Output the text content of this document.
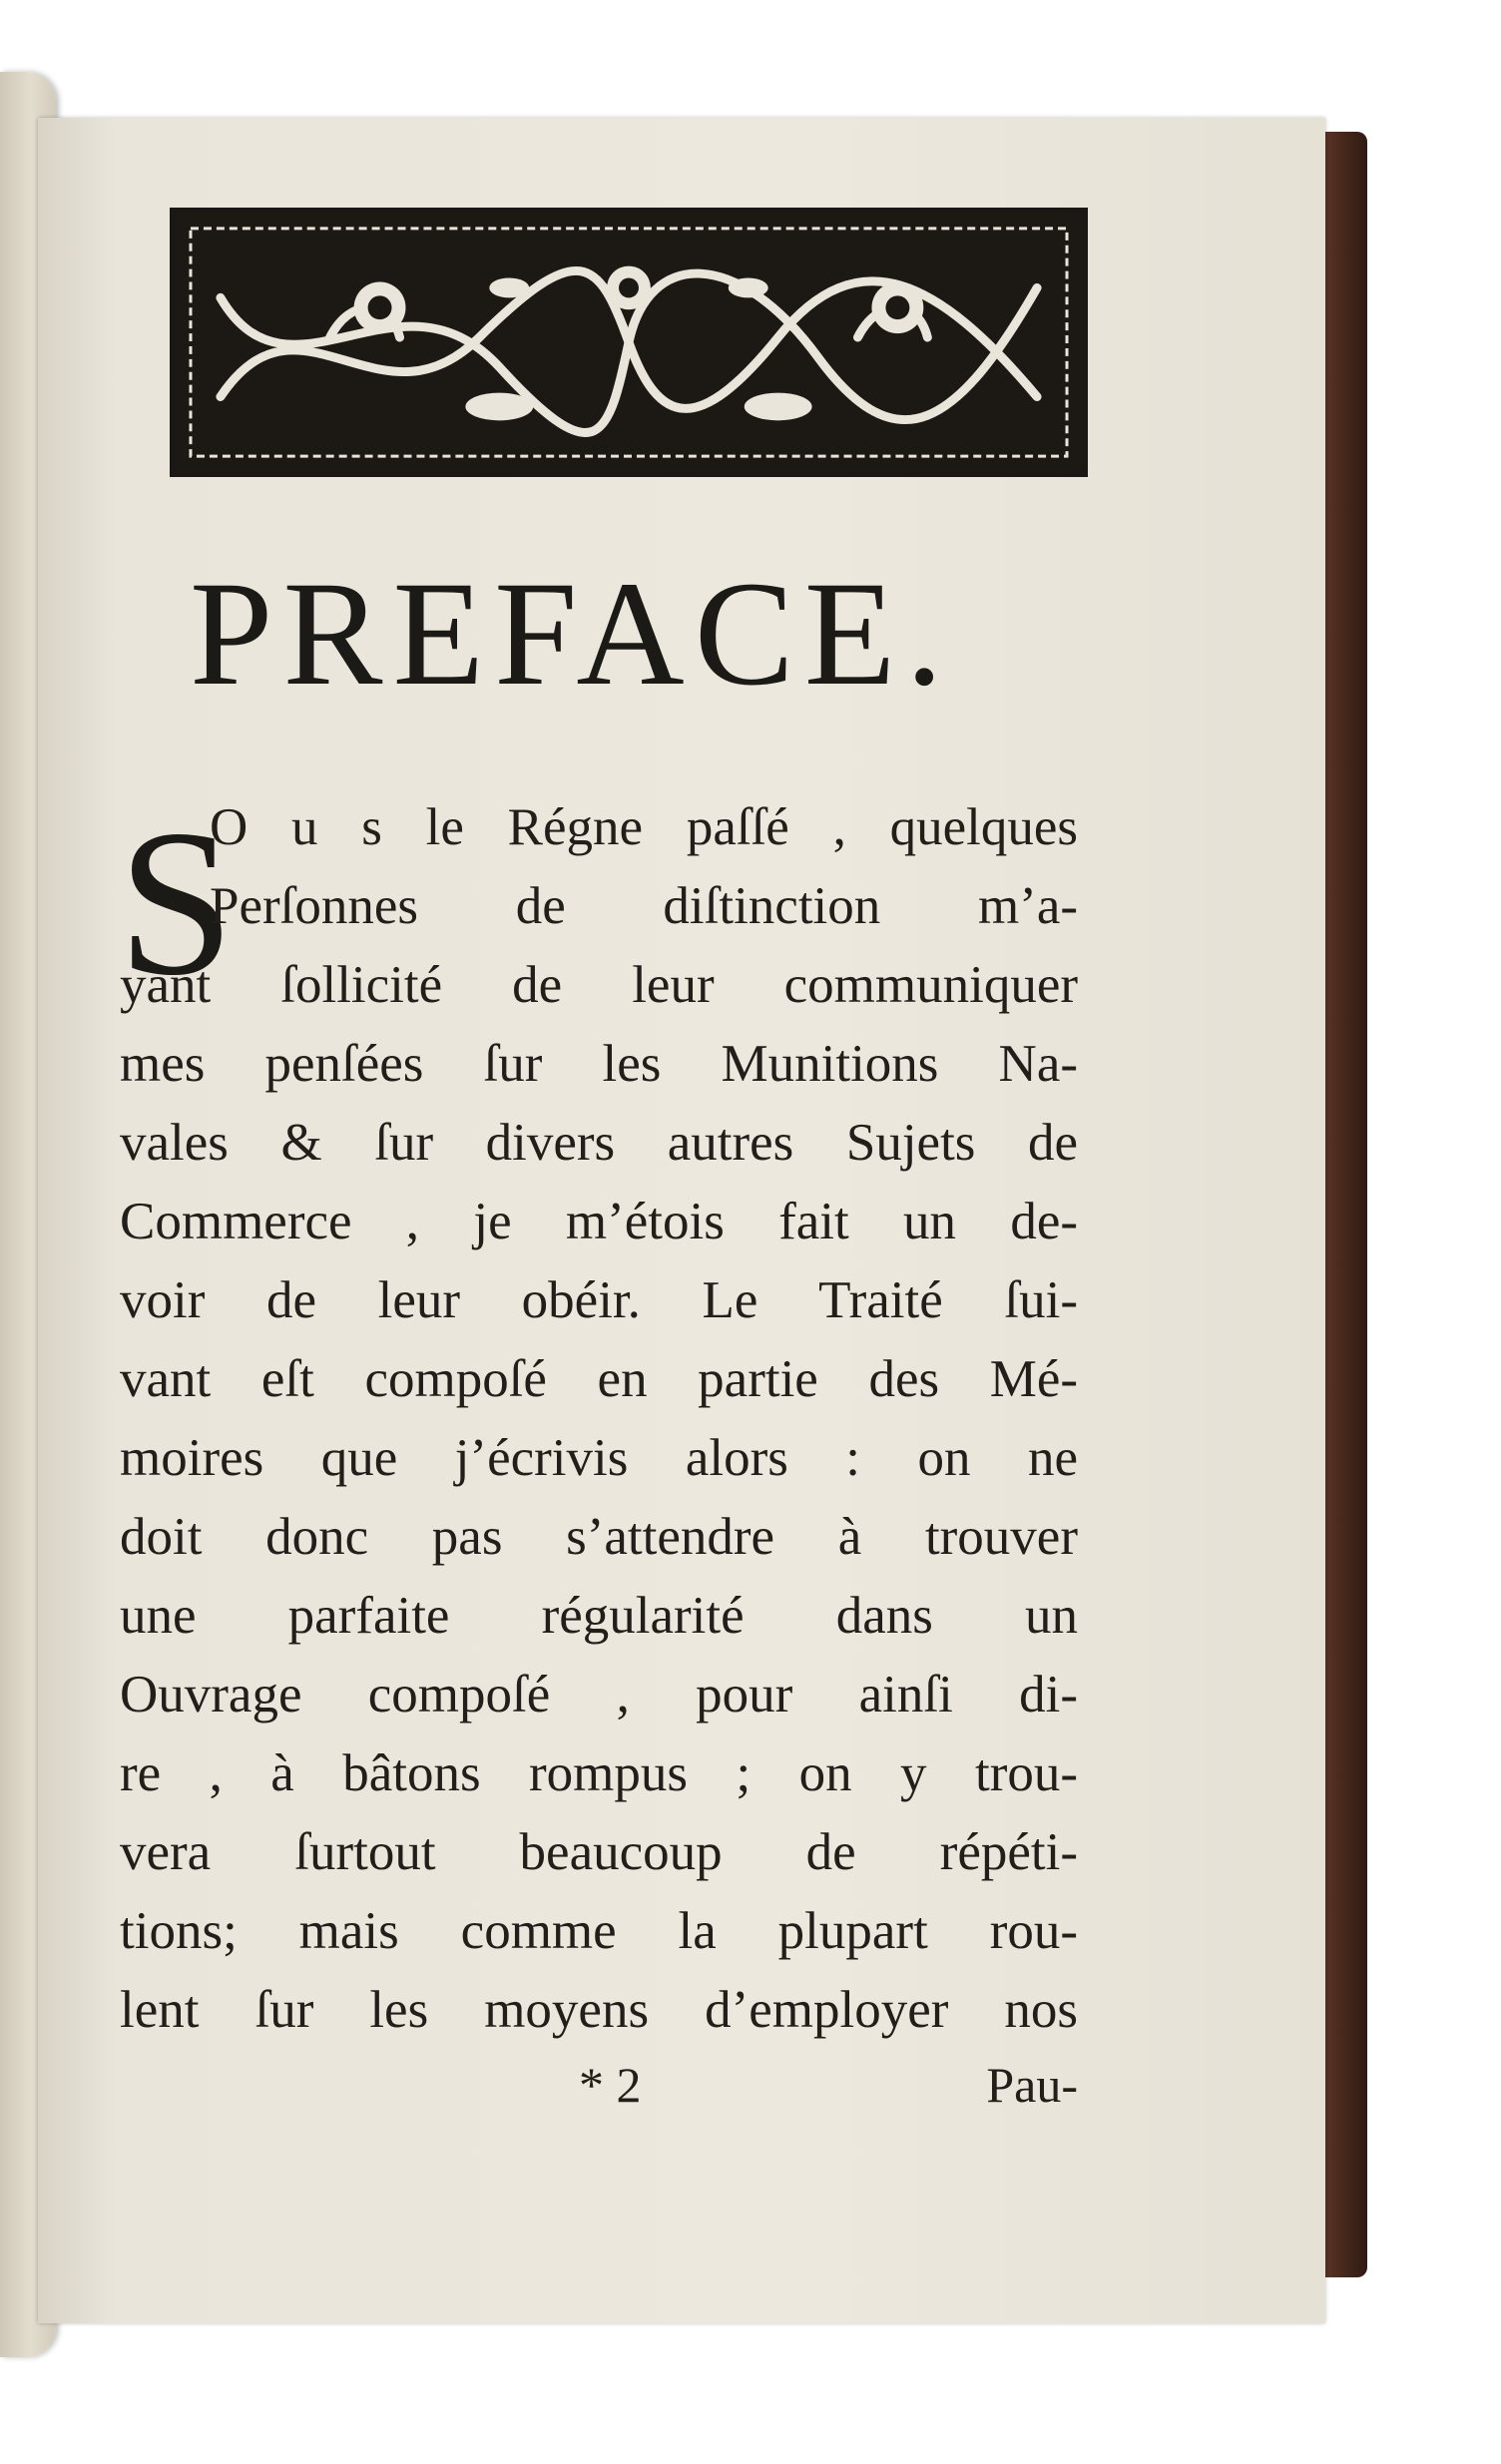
PREFACE.
S
O u s le Régne paſſé , quelques
Perſonnes de diſtinction m’a-
yant ſollicité de leur communiquer
mes penſées ſur les Munitions Na-
vales & ſur divers autres Sujets de
Commerce , je m’étois fait un de-
voir de leur obéir. Le Traité ſui-
vant eſt compoſé en partie des Mé-
moires que j’écrivis alors : on ne
doit donc pas s’attendre à trouver
une parfaite régularité dans un
Ouvrage compoſé , pour ainſi di-
re , à bâtons rompus ; on y trou-
vera ſurtout beaucoup de répéti-
tions; mais comme la plupart rou-
lent ſur les moyens d’employer nos
* 2	Pau-
